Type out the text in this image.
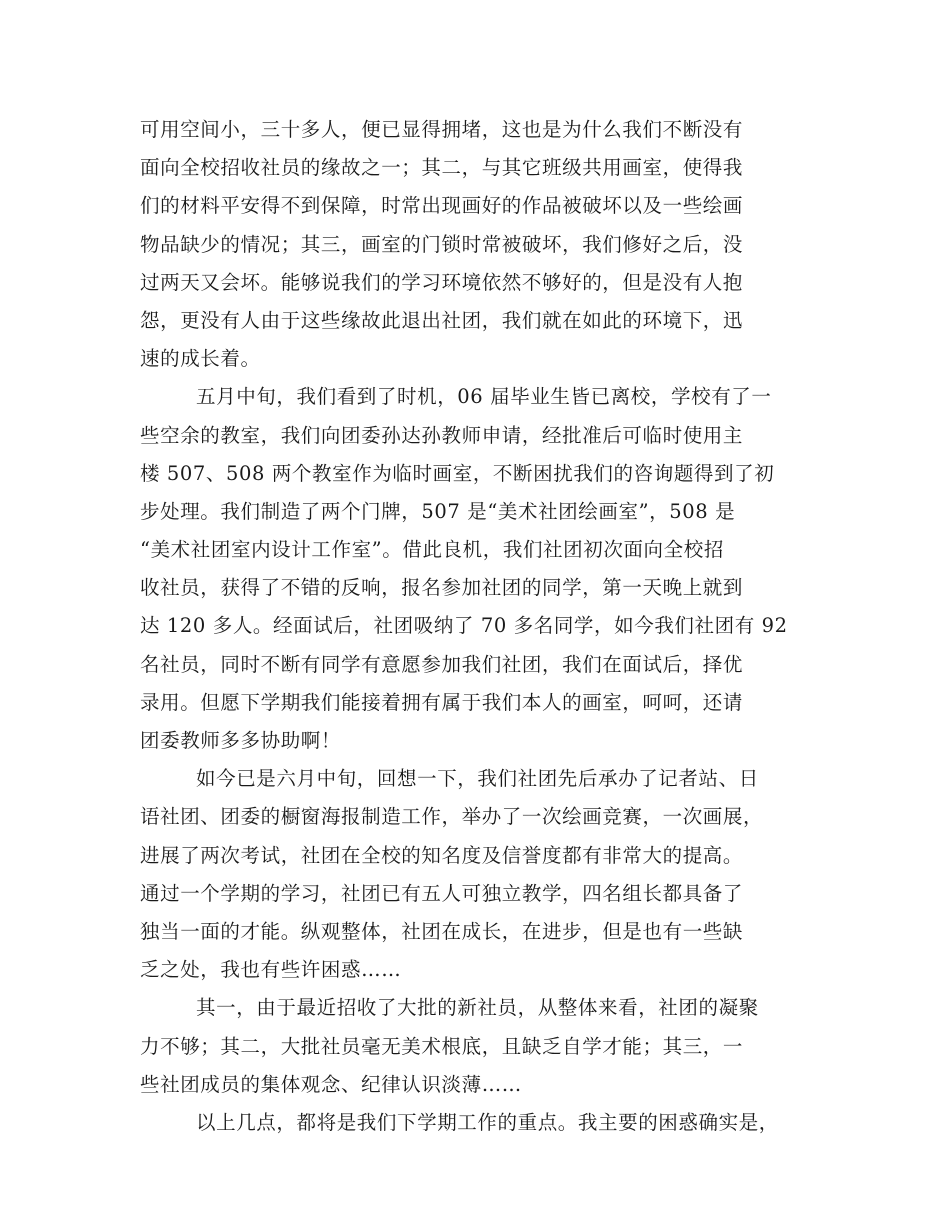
可用空间小，三十多人，便已显得拥堵，这也是为什么我们不断没有
面向全校招收社员的缘故之一；其二，与其它班级共用画室，使得我
们的材料平安得不到保障，时常出现画好的作品被破坏以及一些绘画
物品缺少的情况；其三，画室的门锁时常被破坏，我们修好之后，没
过两天又会坏。能够说我们的学习环境依然不够好的，但是没有人抱
怨，更没有人由于这些缘故此退出社团，我们就在如此的环境下，迅
速的成长着。
五月中旬，我们看到了时机，06 届毕业生皆已离校，学校有了一
些空余的教室，我们向团委孙达孙教师申请，经批准后可临时使用主
楼 507、508 两个教室作为临时画室，不断困扰我们的咨询题得到了初
步处理。我们制造了两个门牌，507 是“美术社团绘画室”，508 是
“美术社团室内设计工作室”。借此良机，我们社团初次面向全校招
收社员，获得了不错的反响，报名参加社团的同学，第一天晚上就到
达 120 多人。经面试后，社团吸纳了 70 多名同学，如今我们社团有 92
名社员，同时不断有同学有意愿参加我们社团，我们在面试后，择优
录用。但愿下学期我们能接着拥有属于我们本人的画室，呵呵，还请
团委教师多多协助啊！
如今已是六月中旬，回想一下，我们社团先后承办了记者站、日
语社团、团委的橱窗海报制造工作，举办了一次绘画竞赛，一次画展，
进展了两次考试，社团在全校的知名度及信誉度都有非常大的提高。
通过一个学期的学习，社团已有五人可独立教学，四名组长都具备了
独当一面的才能。纵观整体，社团在成长，在进步，但是也有一些缺
乏之处，我也有些许困惑……
其一，由于最近招收了大批的新社员，从整体来看，社团的凝聚
力不够；其二，大批社员毫无美术根底，且缺乏自学才能；其三，一
些社团成员的集体观念、纪律认识淡薄……
以上几点，都将是我们下学期工作的重点。我主要的困惑确实是，
